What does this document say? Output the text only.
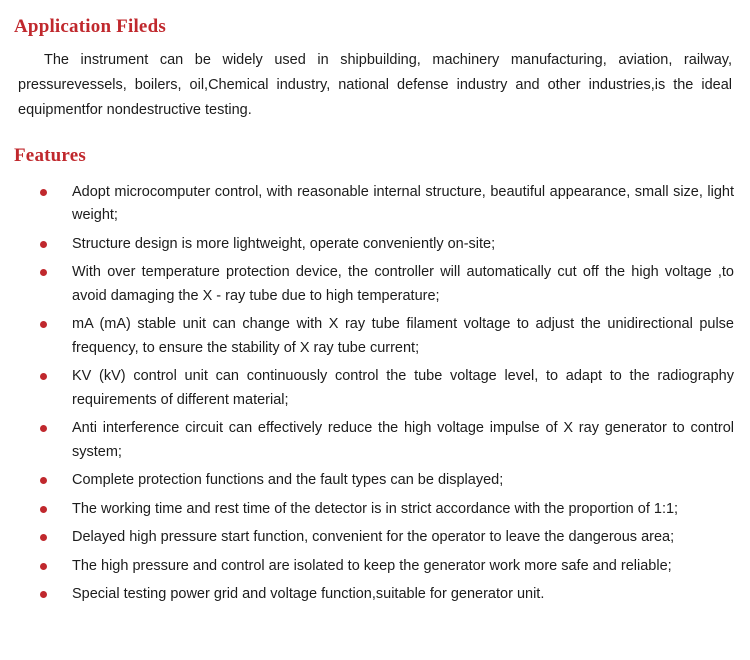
Application Fileds

The instrument can be widely used in shipbuilding, machinery manufacturing, aviation, railway, pressurevessels, boilers, oil,Chemical industry, national defense industry and other industries,is the ideal equipmentfor nondestructive testing.

Features
Adopt microcomputer control, with reasonable internal structure, beautiful appearance, small size, light weight;
Structure design is more lightweight, operate conveniently on-site;
With over temperature protection device, the controller will automatically cut off the high voltage ,to avoid damaging the X - ray tube due to high temperature;
mA (mA) stable unit can change with X ray tube filament voltage to adjust the unidirectional pulse frequency, to ensure the stability of X ray tube current;
KV (kV) control unit can continuously control the tube voltage level, to adapt to the radiography requirements of different material;
Anti interference circuit can effectively reduce the high voltage impulse of X ray generator to control system;
Complete protection functions and the fault types can be displayed;
The working time and rest time of the detector is in strict accordance with the proportion of 1:1;
Delayed high pressure start function, convenient for the operator to leave the dangerous area;
The high pressure and control are isolated to keep the generator work more safe and reliable;
Special testing power grid and voltage function,suitable for generator unit.
